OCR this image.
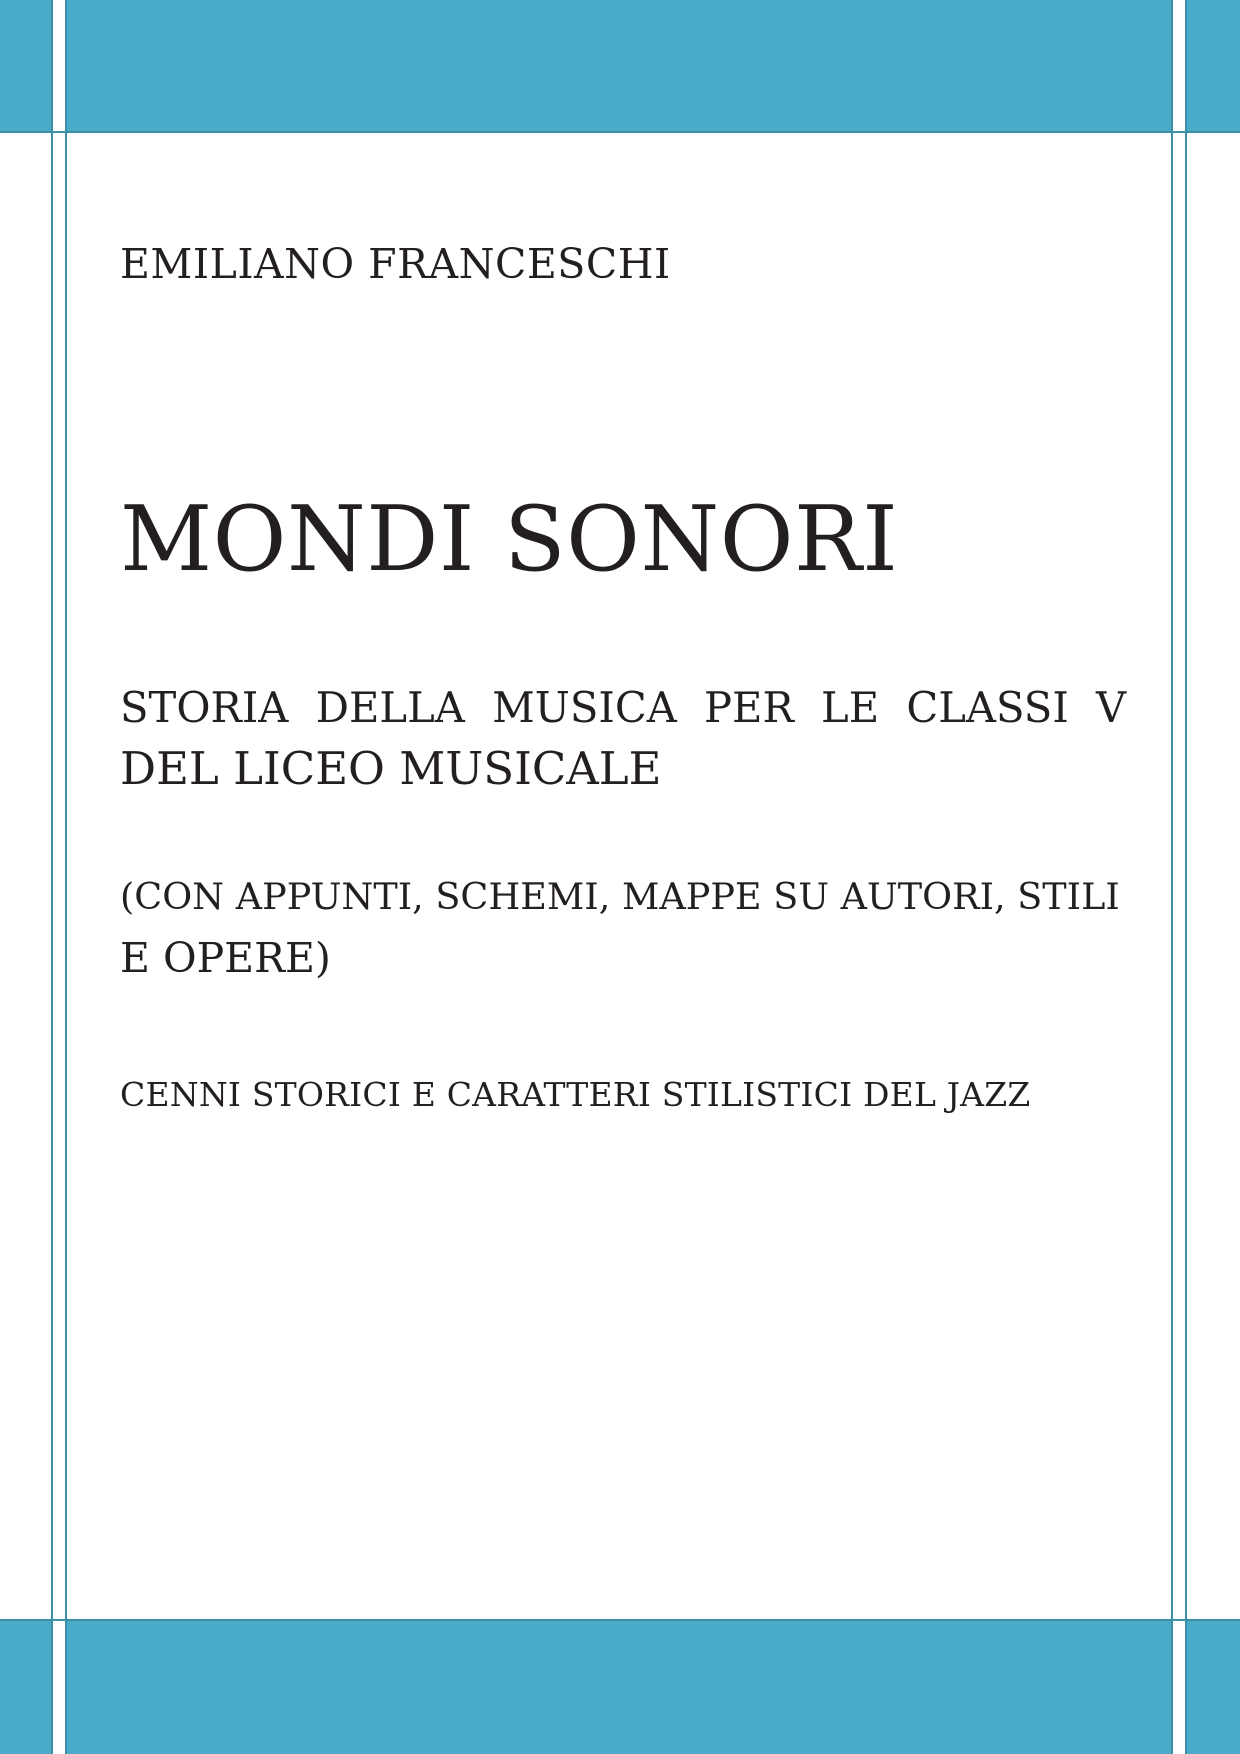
EMILIANO FRANCESCHI

MONDI SONORI

STORIA DELLA MUSICA PER LE CLASSI V

DEL LICEO MUSICALE

(CON APPUNTI, SCHEMI, MAPPE SU AUTORI, STILI

E OPERE)

CENNI STORICI E CARATTERI STILISTICI DEL JAZZ
